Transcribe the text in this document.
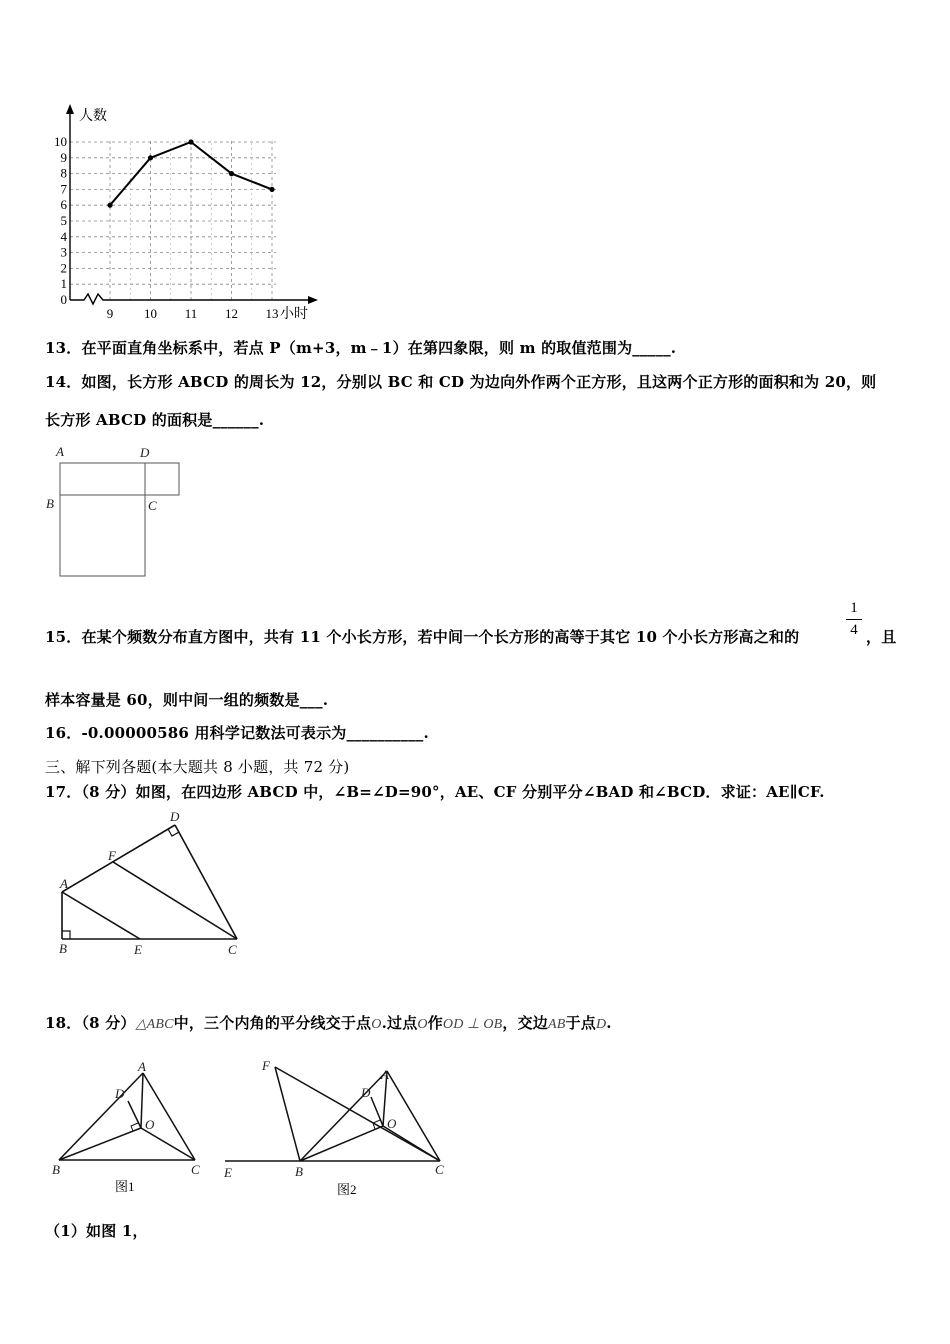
人数
小时
0
1
2
3
4
5
6
7
8
9
10
9 10 11 12 13
13．在平面直角坐标系中，若点 P（m+3，m﹣1）在第四象限，则 m 的取值范围为_____.
14．如图，长方形 ABCD 的周长为 12，分别以 BC 和 CD 为边向外作两个正方形，且这两个正方形的面积和为 20，则
长方形 ABCD 的面积是______.
A	D
B	C
15．在某个频数分布直方图中，共有 11 个小长方形，若中间一个长方形的高等于其它 10 个小长方形高之和的
1
4 ，且
样本容量是 60，则中间一组的频数是___.
16．-0.00000586 用科学记数法可表示为__________.
三、解下列各题(本大题共 8 小题，共 72 分)
17．（8 分）如图，在四边形 ABCD 中，∠B=∠D=90°，AE、CF 分别平分∠BAD 和∠BCD．求证：AE∥CF.
D
F
A
B	E	C
18．（8 分）△ABC中，三个内角的平分线交于点O.过点O作OD ⊥ OB，交边AB于点D.
A
D
O
B	C
图1
F
D
A
O
E	B	C
图2
（1）如图 1，
